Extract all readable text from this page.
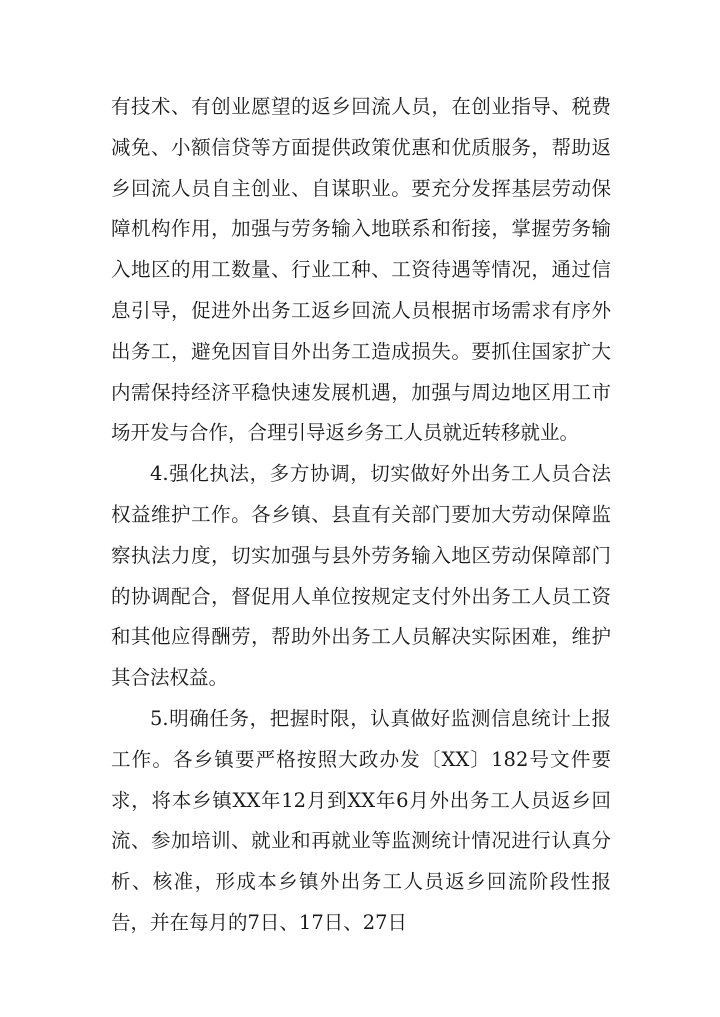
有技术、有创业愿望的返乡回流人员，在创业指导、税费减免、小额信贷等方面提供政策优惠和优质服务，帮助返乡回流人员自主创业、自谋职业。要充分发挥基层劳动保障机构作用，加强与劳务输入地联系和衔接，掌握劳务输入地区的用工数量、行业工种、工资待遇等情况，通过信息引导，促进外出务工返乡回流人员根据市场需求有序外出务工，避免因盲目外出务工造成损失。要抓住国家扩大内需保持经济平稳快速发展机遇，加强与周边地区用工市场开发与合作，合理引导返乡务工人员就近转移就业。

4.强化执法，多方协调，切实做好外出务工人员合法权益维护工作。各乡镇、县直有关部门要加大劳动保障监察执法力度，切实加强与县外劳务输入地区劳动保障部门的协调配合，督促用人单位按规定支付外出务工人员工资和其他应得酬劳，帮助外出务工人员解决实际困难，维护其合法权益。

5.明确任务，把握时限，认真做好监测信息统计上报工作。各乡镇要严格按照大政办发〔XX〕182号文件要求，将本乡镇XX年12月到XX年6月外出务工人员返乡回流、参加培训、就业和再就业等监测统计情况进行认真分析、核准，形成本乡镇外出务工人员返乡回流阶段性报告，并在每月的7日、17日、27日
